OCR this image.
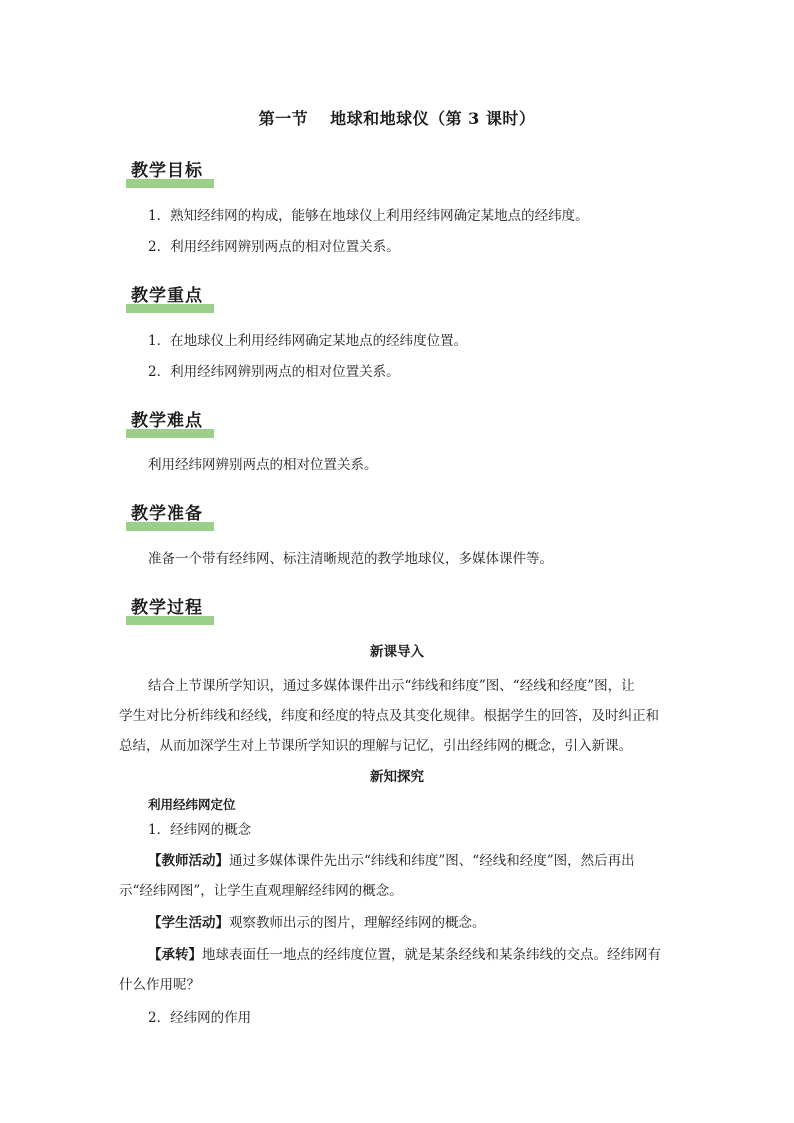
第一节 地球和地球仪（第 3 课时）
教学目标
1．熟知经纬网的构成，能够在地球仪上利用经纬网确定某地点的经纬度。
2．利用经纬网辨别两点的相对位置关系。
教学重点
1．在地球仪上利用经纬网确定某地点的经纬度位置。
2．利用经纬网辨别两点的相对位置关系。
教学难点
利用经纬网辨别两点的相对位置关系。
教学准备
准备一个带有经纬网、标注清晰规范的教学地球仪，多媒体课件等。
教学过程
新课导入
结合上节课所学知识，通过多媒体课件出示“纬线和纬度”图、“经线和经度”图，让
学生对比分析纬线和经线，纬度和经度的特点及其变化规律。根据学生的回答，及时纠正和
总结，从而加深学生对上节课所学知识的理解与记忆，引出经纬网的概念，引入新课。
新知探究
利用经纬网定位
1．经纬网的概念
【教师活动】通过多媒体课件先出示“纬线和纬度”图、“经线和经度”图，然后再出
示“经纬网图”，让学生直观理解经纬网的概念。
【学生活动】观察教师出示的图片，理解经纬网的概念。
【承转】地球表面任一地点的经纬度位置，就是某条经线和某条纬线的交点。经纬网有
什么作用呢？
2．经纬网的作用
